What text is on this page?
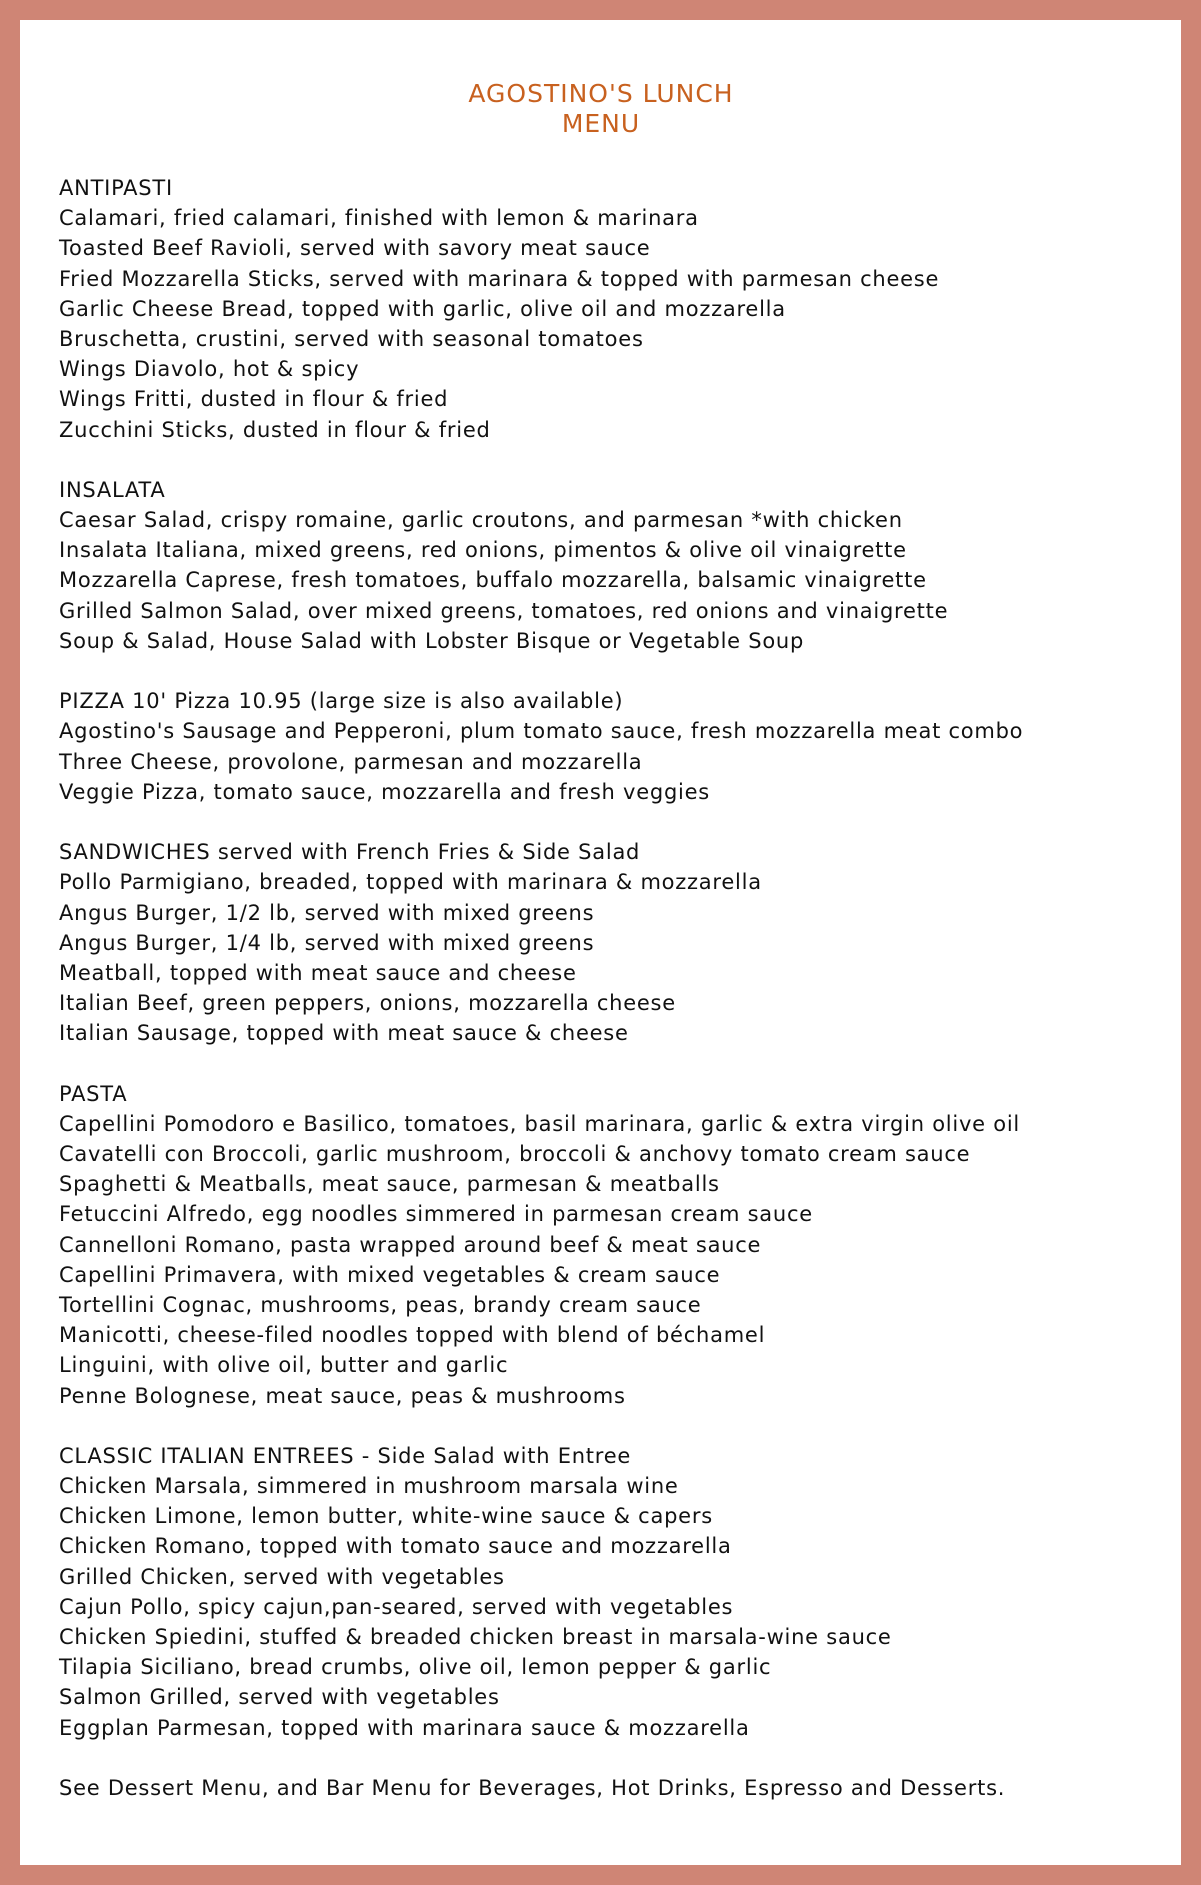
AGOSTINO'S LUNCH
MENU
ANTIPASTI
Calamari, fried calamari, finished with lemon & marinara
Toasted Beef Ravioli, served with savory meat sauce
Fried Mozzarella Sticks, served with marinara & topped with parmesan cheese
Garlic Cheese Bread, topped with garlic, olive oil and mozzarella
Bruschetta, crustini, served with seasonal tomatoes
Wings Diavolo, hot & spicy
Wings Fritti, dusted in flour & fried
Zucchini Sticks, dusted in flour & fried
INSALATA
Caesar Salad, crispy romaine, garlic croutons, and parmesan *with chicken
Insalata Italiana, mixed greens, red onions, pimentos & olive oil vinaigrette
Mozzarella Caprese, fresh tomatoes, buffalo mozzarella, balsamic vinaigrette
Grilled Salmon Salad, over mixed greens, tomatoes, red onions and vinaigrette
Soup & Salad, House Salad with Lobster Bisque or Vegetable Soup
PIZZA 10' Pizza 10.95 (large size is also available)
Agostino's Sausage and Pepperoni, plum tomato sauce, fresh mozzarella meat combo
Three Cheese, provolone, parmesan and mozzarella
Veggie Pizza, tomato sauce, mozzarella and fresh veggies
SANDWICHES served with French Fries & Side Salad
Pollo Parmigiano, breaded, topped with marinara & mozzarella
Angus Burger, 1/2 lb, served with mixed greens
Angus Burger, 1/4 lb, served with mixed greens
Meatball, topped with meat sauce and cheese
Italian Beef, green peppers, onions, mozzarella cheese
Italian Sausage, topped with meat sauce & cheese
PASTA
Capellini Pomodoro e Basilico, tomatoes, basil marinara, garlic & extra virgin olive oil
Cavatelli con Broccoli, garlic mushroom, broccoli & anchovy tomato cream sauce
Spaghetti & Meatballs, meat sauce, parmesan & meatballs
Fetuccini Alfredo, egg noodles simmered in parmesan cream sauce
Cannelloni Romano, pasta wrapped around beef & meat sauce
Capellini Primavera, with mixed vegetables & cream sauce
Tortellini Cognac, mushrooms, peas, brandy cream sauce
Manicotti, cheese-filed noodles topped with blend of béchamel
Linguini, with olive oil, butter and garlic
Penne Bolognese, meat sauce, peas & mushrooms
CLASSIC ITALIAN ENTREES - Side Salad with Entree
Chicken Marsala, simmered in mushroom marsala wine
Chicken Limone, lemon butter, white-wine sauce & capers
Chicken Romano, topped with tomato sauce and mozzarella
Grilled Chicken, served with vegetables
Cajun Pollo, spicy cajun,pan-seared, served with vegetables
Chicken Spiedini, stuffed & breaded chicken breast in marsala-wine sauce
Tilapia Siciliano, bread crumbs, olive oil, lemon pepper & garlic
Salmon Grilled, served with vegetables
Eggplan Parmesan, topped with marinara sauce & mozzarella
See Dessert Menu, and Bar Menu for Beverages, Hot Drinks, Espresso and Desserts.
